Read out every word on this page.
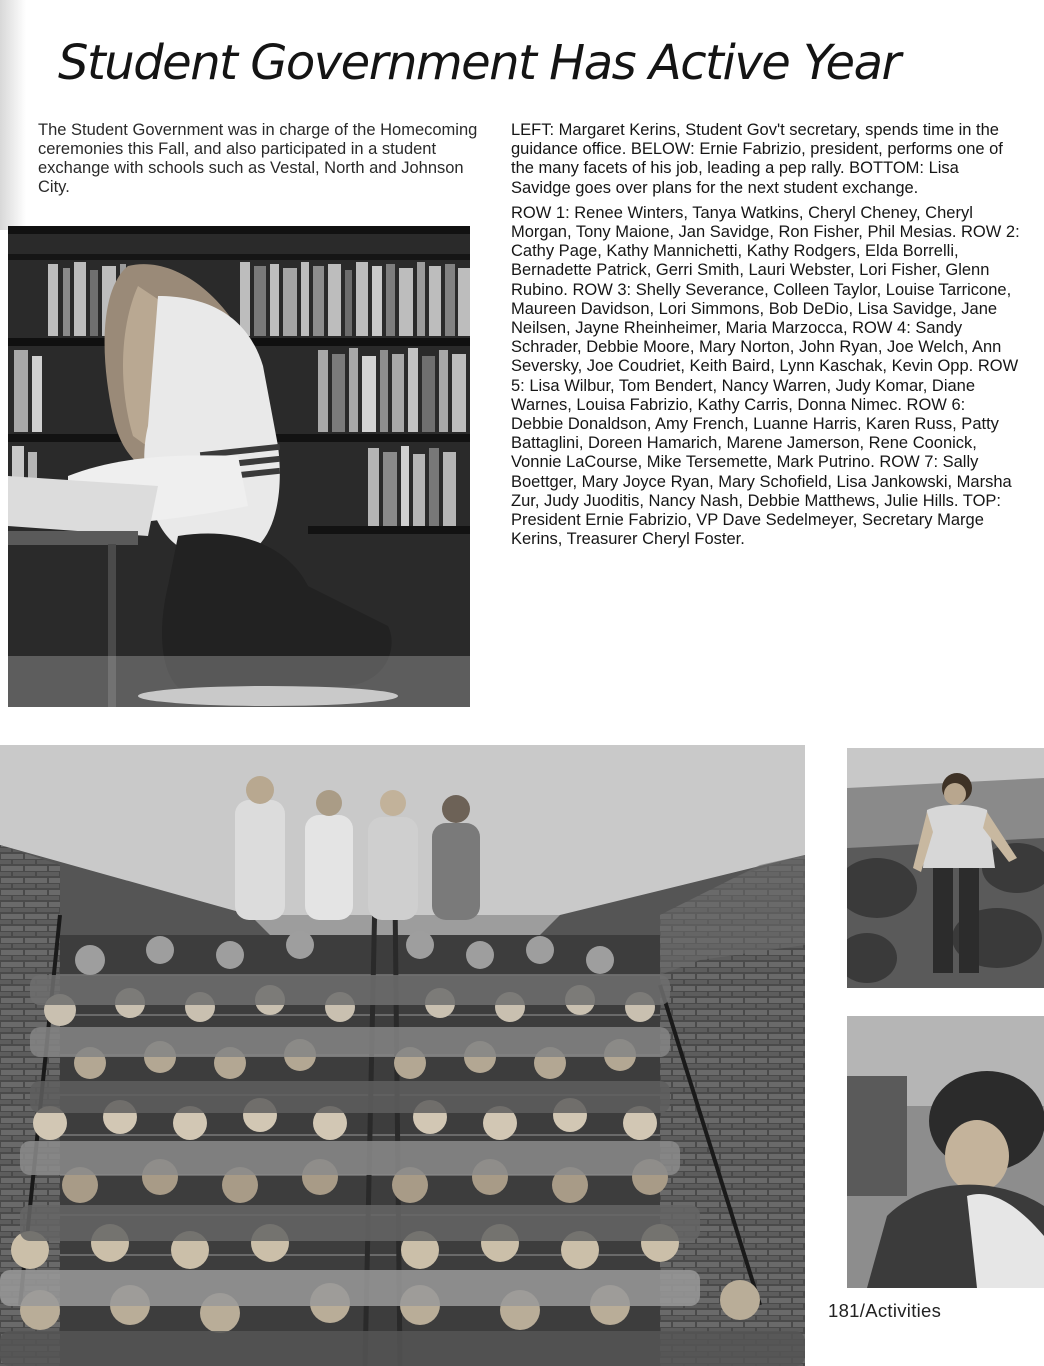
Student Government Has Active Year
The Student Government was in charge of the Homecoming ceremonies this Fall, and also participated in a student exchange with schools such as Vestal, North and Johnson City.

LEFT: Margaret Kerins, Student Gov't secretary, spends time in the guidance office. BELOW: Ernie Fabrizio, president, performs one of the many facets of his job, leading a pep rally. BOTTOM: Lisa Savidge goes over plans for the next student exchange.

ROW 1: Renee Winters, Tanya Watkins, Cheryl Cheney, Cheryl Morgan, Tony Maione, Jan Savidge, Ron Fisher, Phil Mesias. ROW 2: Cathy Page, Kathy Mannichetti, Kathy Rodgers, Elda Borrelli, Bernadette Patrick, Gerri Smith, Lauri Webster, Lori Fisher, Glenn Rubino. ROW 3: Shelly Severance, Colleen Taylor, Louise Tarricone, Maureen Davidson, Lori Simmons, Bob DeDio, Lisa Savidge, Jane Neilsen, Jayne Rheinheimer, Maria Marzocca, ROW 4: Sandy Schrader, Debbie Moore, Mary Norton, John Ryan, Joe Welch, Ann Seversky, Joe Coudriet, Keith Baird, Lynn Kaschak, Kevin Opp. ROW 5: Lisa Wilbur, Tom Bendert, Nancy Warren, Judy Komar, Diane Warnes, Louisa Fabrizio, Kathy Carris, Donna Nimec. ROW 6: Debbie Donaldson, Amy French, Luanne Harris, Karen Russ, Patty Battaglini, Doreen Hamarich, Marene Jamerson, Rene Coonick, Vonnie LaCourse, Mike Tersemette, Mark Putrino. ROW 7: Sally Boettger, Mary Joyce Ryan, Mary Schofield, Lisa Jankowski, Marsha Zur, Judy Juoditis, Nancy Nash, Debbie Matthews, Julie Hills. TOP: President Ernie Fabrizio, VP Dave Sedelmeyer, Secretary Marge Kerins, Treasurer Cheryl Foster.

181/Activities
